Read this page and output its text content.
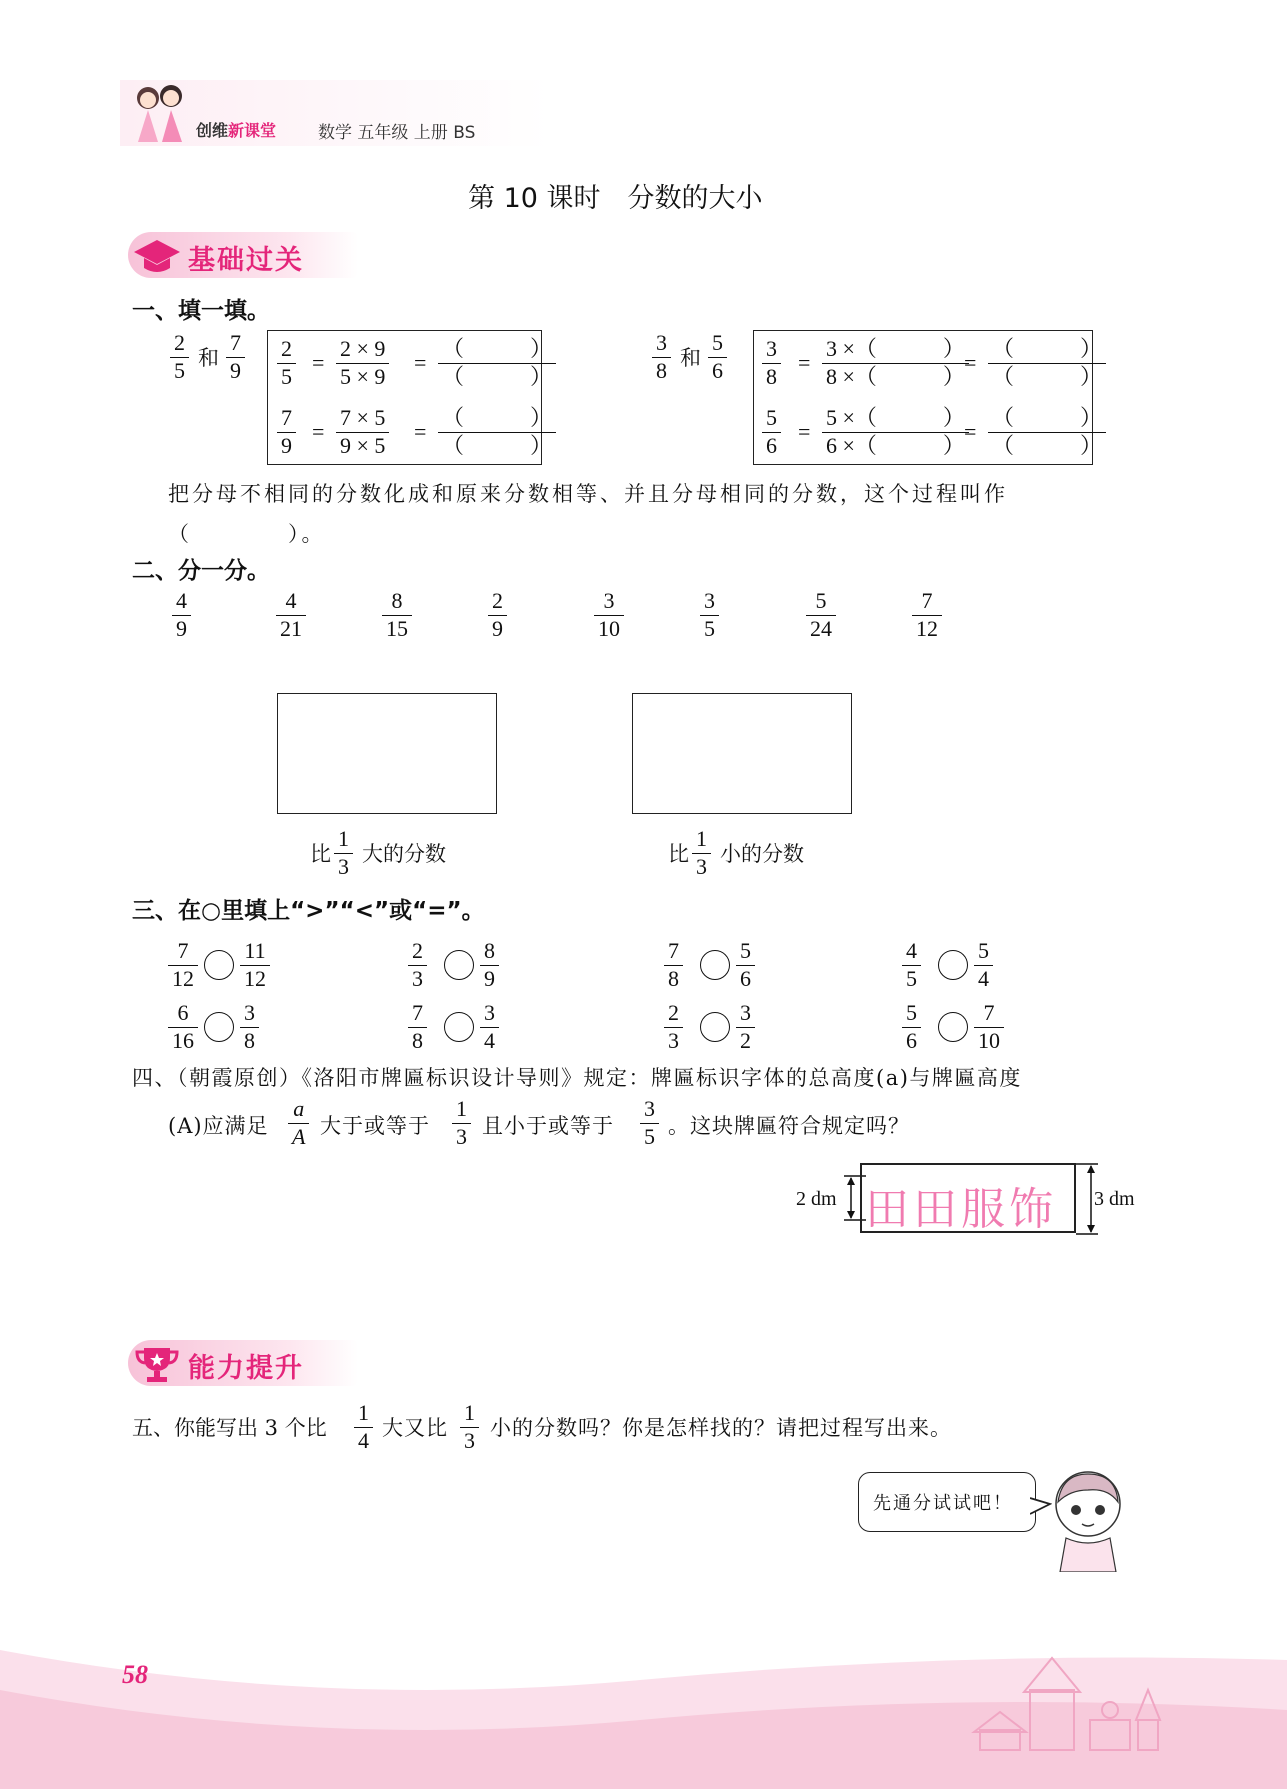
创维新课堂 数学 五年级 上册 BS
第 10 课时　分数的大小
基础过关
一、填一填。
2
5 和
7
9
2
5
=
2 × 9
5 × 9
=
（　　　）
（　　　）
7
9
=
7 × 5
9 × 5
=
（　　　）
（　　　）
3
8 和
5
6
3
8
=
3 ×（　　　）
8 ×（　　　）
=
（　　　）
（　　　）
5
6
=
5 ×（　　　）
6 ×（　　　）
=
（　　　）
（　　　）
把分母不相同的分数化成和原来分数相等、并且分母相同的分数，这个过程叫作
（　　　　）。
二、分一分。
比
1
3 大的分数	比
1
3 小的分数
三、在○里填上“>”“<”或“=”。
四、（朝霞原创）《洛阳市牌匾标识设计导则》规定：牌匾标识字体的总高度(a)与牌匾高度
(A)应满足
a
A 大于或等于
1
3 且小于或等于
3
5 。这块牌匾符合规定吗？
2 dm 田田服饰 3 dm
能力提升
五、你能写出 3 个比
1
4 大又比
1
3 小的分数吗？你是怎样找的？请把过程写出来。
先通分试试吧！
58
4
9
4
21
8
15
2
9
3
10
3
5
5
24
7
12
7
12
11
12
2
3
8
9
7
8
5
6
4
5
5
4
6
16
3
8
7
8
3
4
2
3
3
2
5
6
7
10
